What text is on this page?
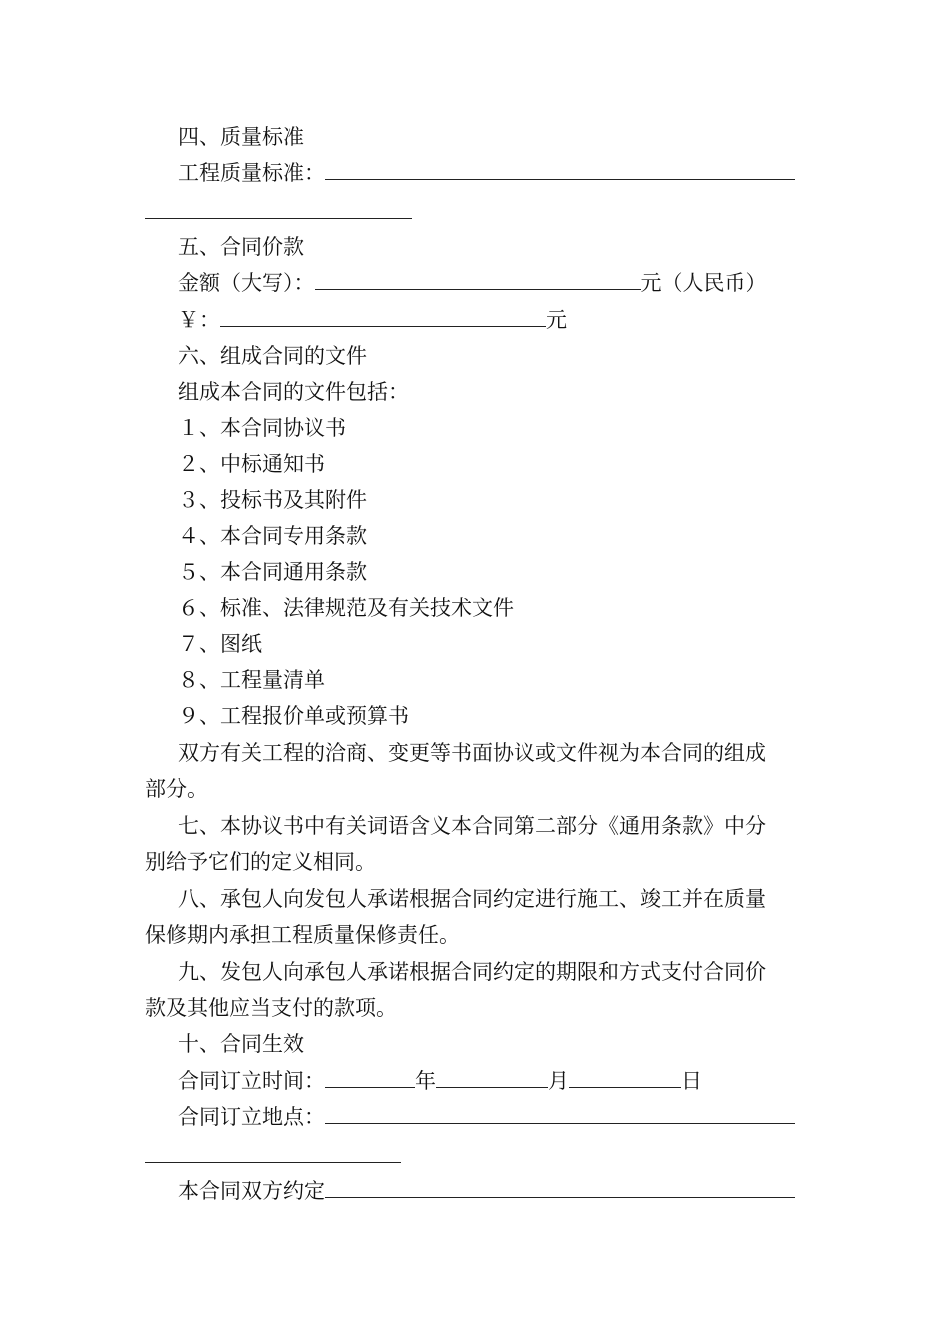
四、质量标准
工程质量标准：
五、合同价款
金额（大写）：	元（人民币）
￥：	元
六、组成合同的文件
组成本合同的文件包括：
１、本合同协议书
２、中标通知书
３、投标书及其附件
４、本合同专用条款
５、本合同通用条款
６、标准、法律规范及有关技术文件
７、图纸
８、工程量清单
９、工程报价单或预算书
双方有关工程的洽商、变更等书面协议或文件视为本合同的组成
部分。
七、本协议书中有关词语含义本合同第二部分《通用条款》中分
别给予它们的定义相同。
八、承包人向发包人承诺根据合同约定进行施工、竣工并在质量
保修期内承担工程质量保修责任。
九、发包人向承包人承诺根据合同约定的期限和方式支付合同价
款及其他应当支付的款项。
十、合同生效
合同订立时间：	年	月	日
合同订立地点：
本合同双方约定
